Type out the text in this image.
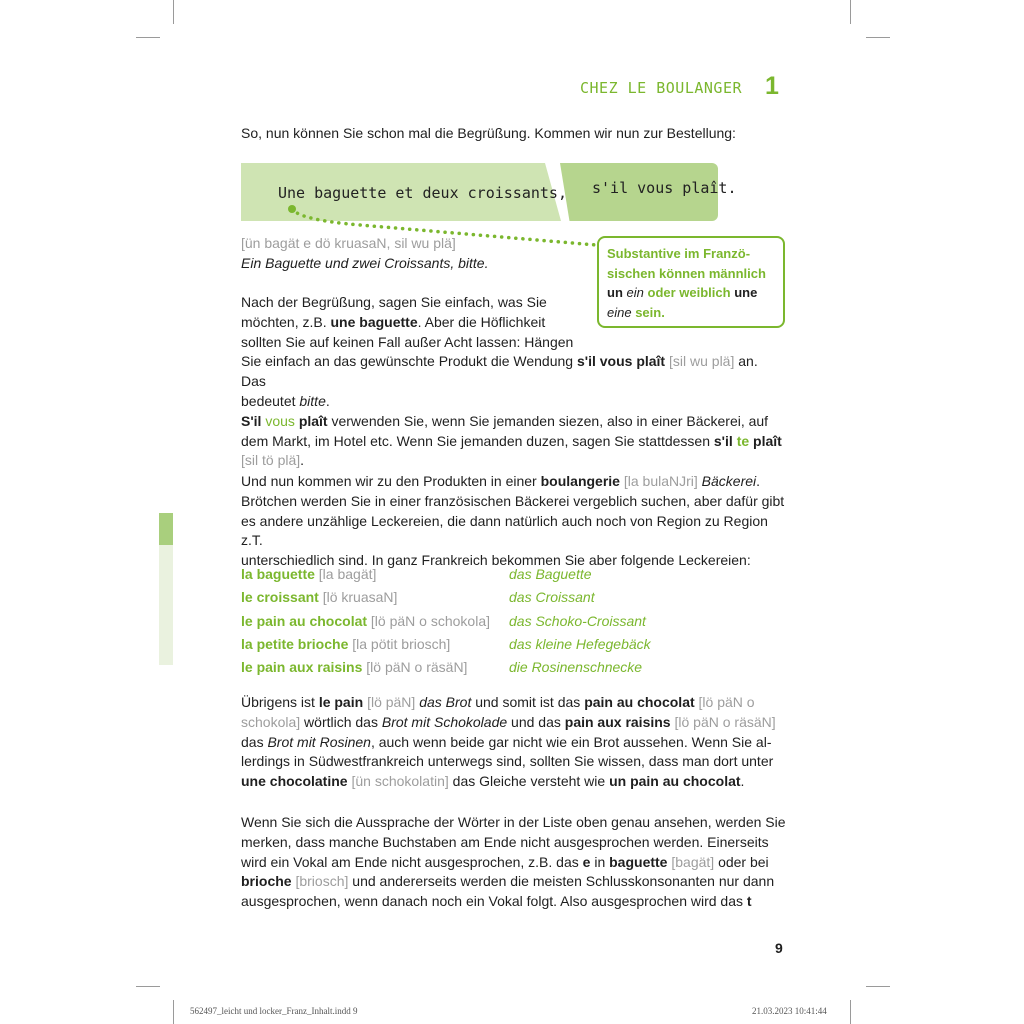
CHEZ LE BOULANGER 1
So, nun können Sie schon mal die Begrüßung. Kommen wir nun zur Bestellung:
Une baguette et deux croissants, s'il vous plaît.
[ün bagät e dö kruasaN, sil wu plä]
Ein Baguette und zwei Croissants, bitte.
Substantive im Franzö-
sischen können männlich
un ein oder weiblich une
eine sein.
Nach der Begrüßung, sagen Sie einfach, was Sie
möchten, z.B. une baguette. Aber die Höflichkeit
sollten Sie auf keinen Fall außer Acht lassen: Hängen
Sie einfach an das gewünschte Produkt die Wendung s'il vous plaît [sil wu plä] an. Das
bedeutet bitte.
S'il vous plaît verwenden Sie, wenn Sie jemanden siezen, also in einer Bäckerei, auf
dem Markt, im Hotel etc. Wenn Sie jemanden duzen, sagen Sie stattdessen s'il te plaît
[sil tö plä].
Und nun kommen wir zu den Produkten in einer boulangerie [la bulaNJri] Bäckerei.
Brötchen werden Sie in einer französischen Bäckerei vergeblich suchen, aber dafür gibt
es andere unzählige Leckereien, die dann natürlich auch noch von Region zu Region z.T.
unterschiedlich sind. In ganz Frankreich bekommen Sie aber folgende Leckereien:
la baguette [la bagät]	das Baguette
le croissant [lö kruasaN]	das Croissant
le pain au chocolat [lö päN o schokola] das Schoko-Croissant
la petite brioche [la pötit briosch]	das kleine Hefegebäck
le pain aux raisins [lö päN o räsäN]	die Rosinenschnecke
Übrigens ist le pain [lö päN] das Brot und somit ist das pain au chocolat [lö päN o
schokola] wörtlich das Brot mit Schokolade und das pain aux raisins [lö päN o räsäN]
das Brot mit Rosinen, auch wenn beide gar nicht wie ein Brot aussehen. Wenn Sie al-
lerdings in Südwestfrankreich unterwegs sind, sollten Sie wissen, dass man dort unter
une chocolatine [ün schokolatin] das Gleiche versteht wie un pain au chocolat.
Wenn Sie sich die Aussprache der Wörter in der Liste oben genau ansehen, werden Sie
merken, dass manche Buchstaben am Ende nicht ausgesprochen werden. Einerseits
wird ein Vokal am Ende nicht ausgesprochen, z.B. das e in baguette [bagät] oder bei
brioche [briosch] und andererseits werden die meisten Schlusskonsonanten nur dann
ausgesprochen, wenn danach noch ein Vokal folgt. Also ausgesprochen wird das t
9
562497_leicht und locker_Franz_Inhalt.indd 9	21.03.2023 10:41:44
